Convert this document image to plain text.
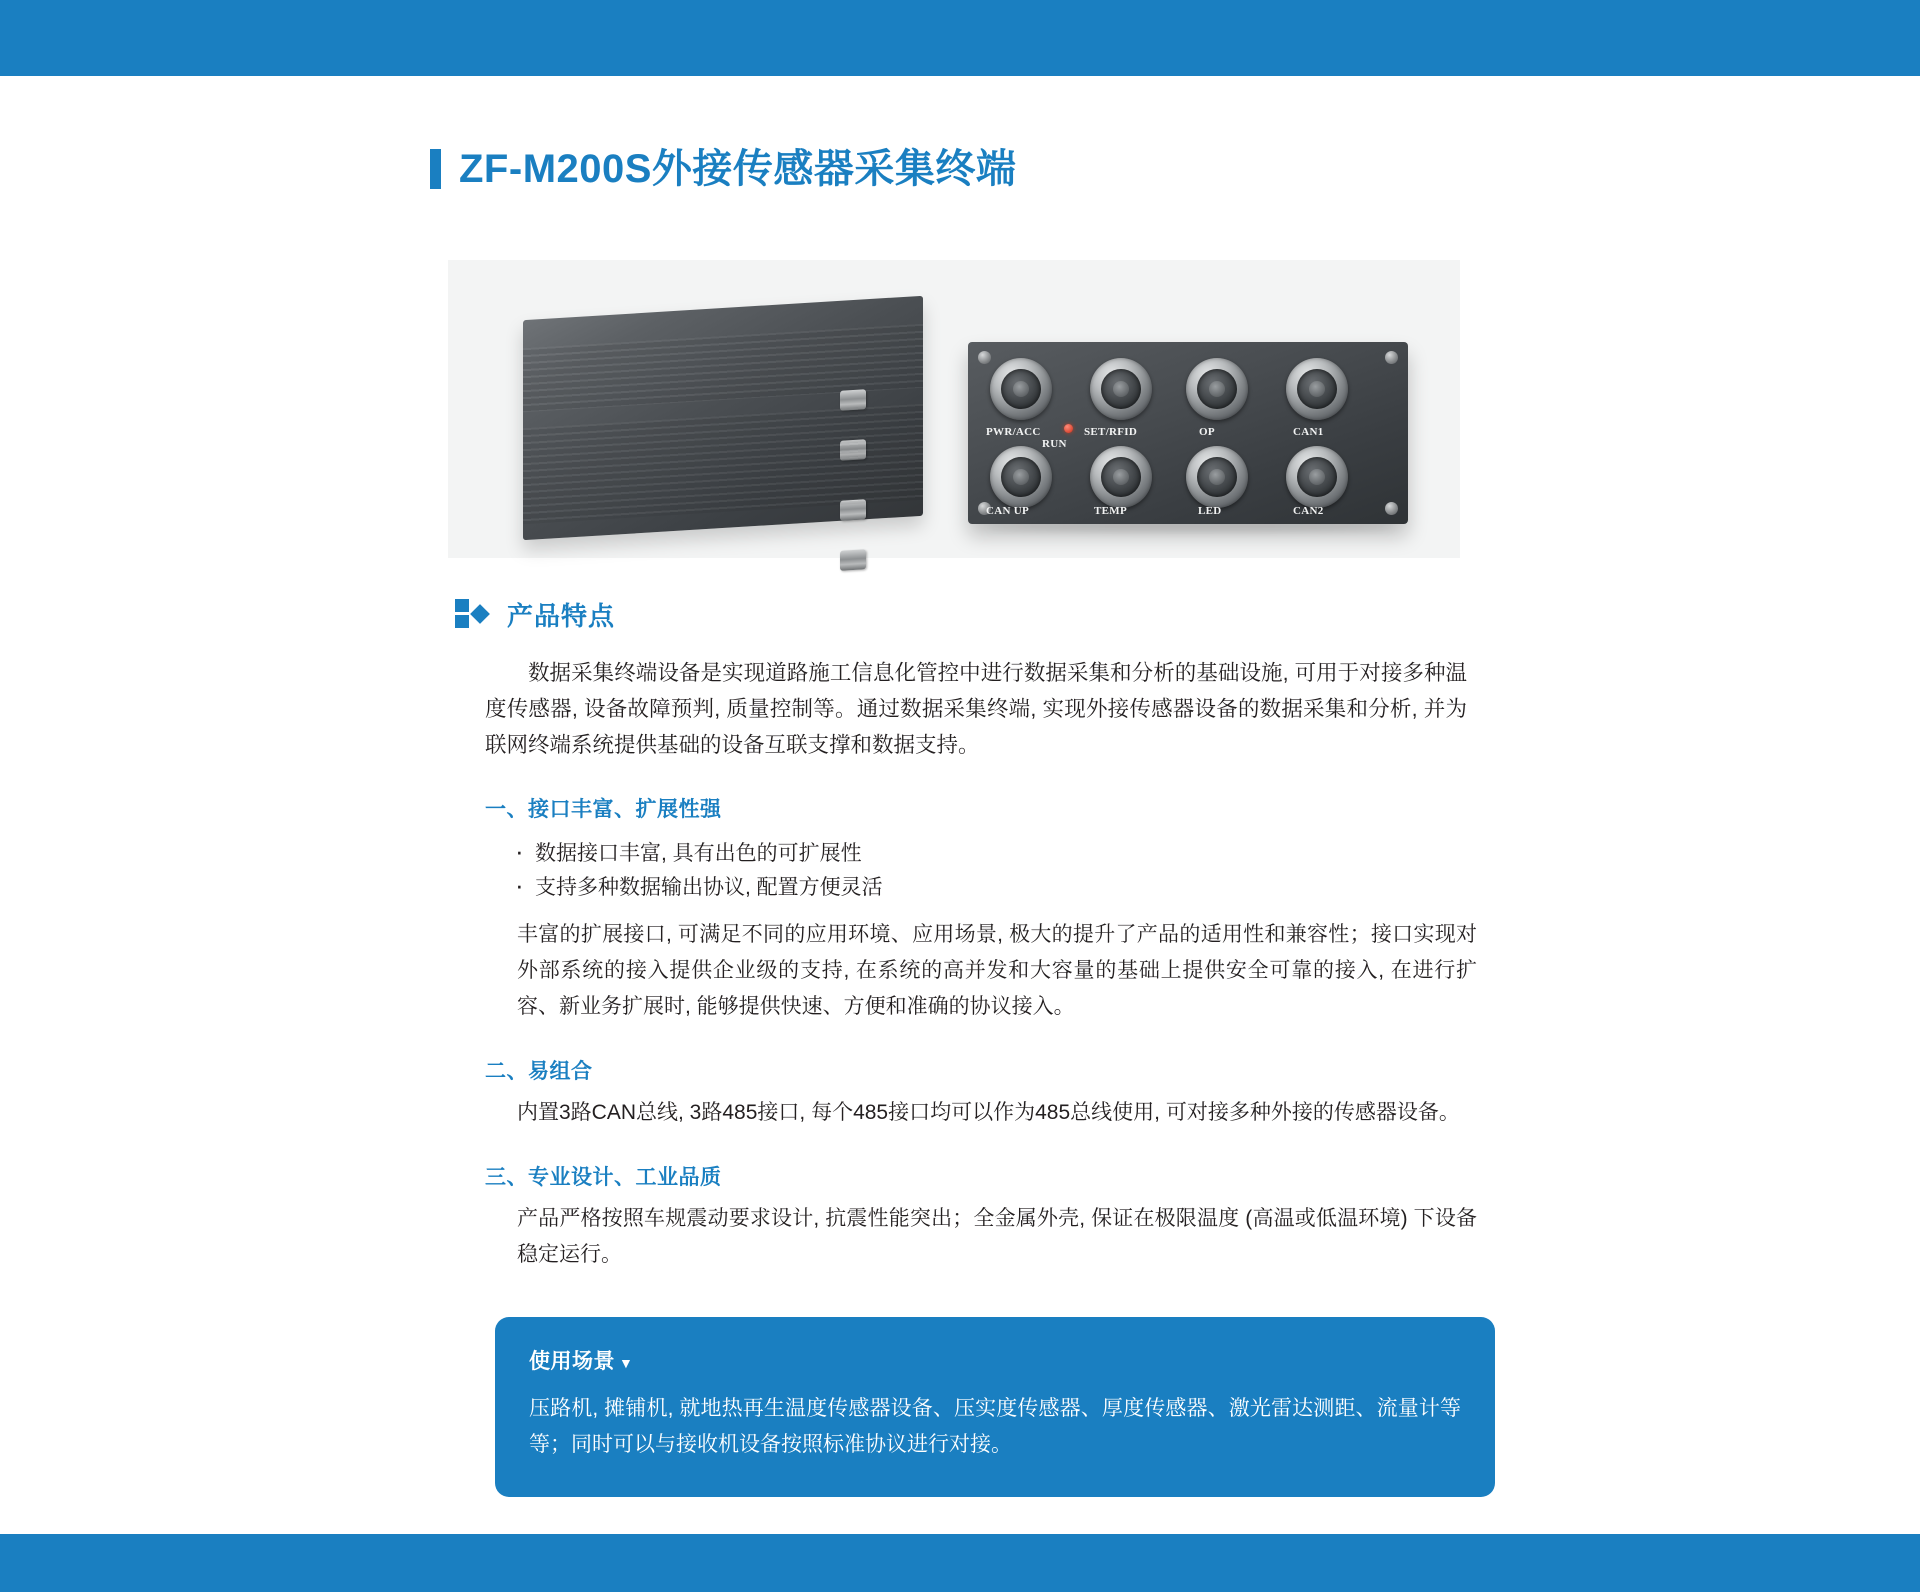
ZF-M200S外接传感器采集终端
PWR/ACC
RUN
SET/RFID	OP	CAN1
CAN UP	TEMP	LED	CAN2
产品特点

数据采集终端设备是实现道路施工信息化管控中进行数据采集和分析的基础设施, 可用于对接多种温度传感器, 设备故障预判, 质量控制等。通过数据采集终端, 实现外接传感器设备的数据采集和分析, 并为联网终端系统提供基础的设备互联支撑和数据支持。

一、接口丰富、扩展性强
· 数据接口丰富, 具有出色的可扩展性
· 支持多种数据输出协议, 配置方便灵活

丰富的扩展接口, 可满足不同的应用环境、应用场景, 极大的提升了产品的适用性和兼容性；接口实现对外部系统的接入提供企业级的支持, 在系统的高并发和大容量的基础上提供安全可靠的接入, 在进行扩容、新业务扩展时, 能够提供快速、方便和准确的协议接入。

二、易组合

内置3路CAN总线, 3路485接口, 每个485接口均可以作为485总线使用, 可对接多种外接的传感器设备。

三、专业设计、工业品质

产品严格按照车规震动要求设计, 抗震性能突出；全金属外壳, 保证在极限温度 (高温或低温环境) 下设备稳定运行。

使用场景 ▼
压路机, 摊铺机, 就地热再生温度传感器设备、压实度传感器、厚度传感器、激光雷达测距、流量计等等；同时可以与接收机设备按照标准协议进行对接。
